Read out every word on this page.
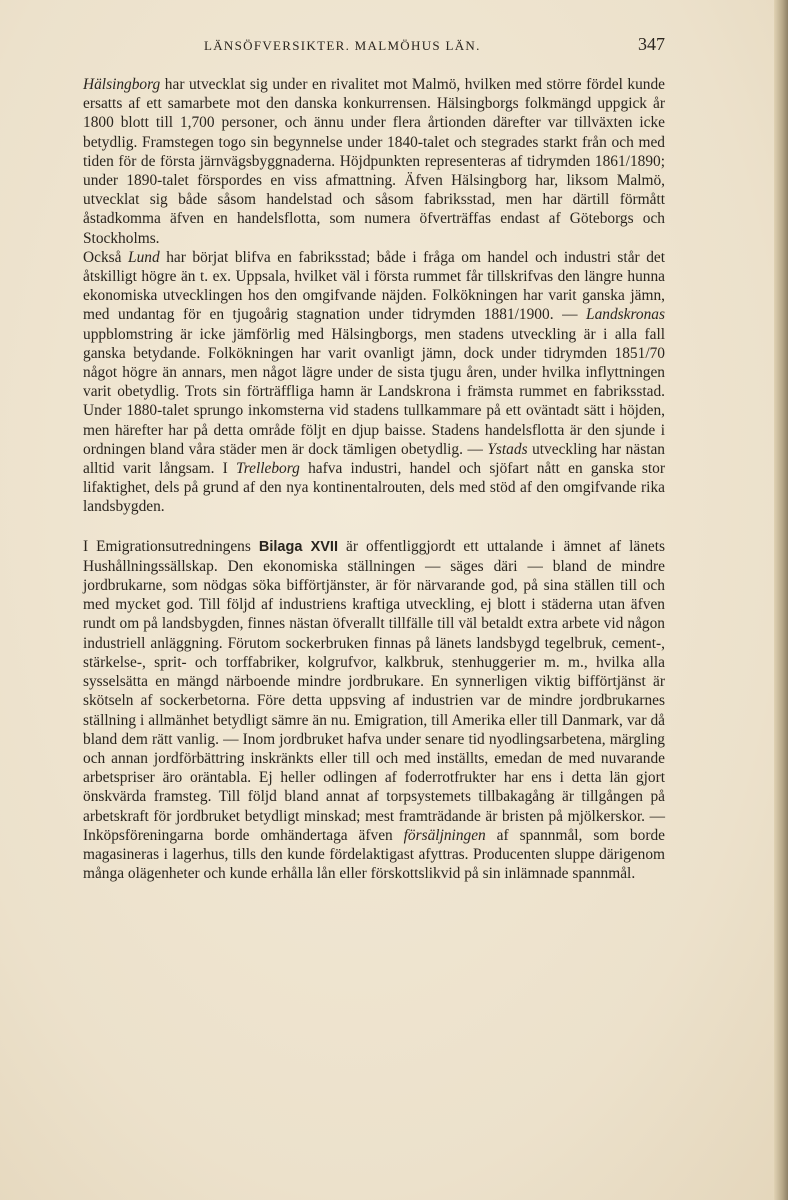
LÄNSÖFVERSIKTER. MALMÖHUS LÄN.	347

Hälsingborg har utvecklat sig under en rivalitet mot Malmö, hvilken med större fördel kunde ersatts af ett samarbete mot den danska konkurrensen. Hälsingborgs folkmängd uppgick år 1800 blott till 1,700 personer, och ännu under flera årtionden därefter var tillväxten icke betydlig. Framstegen togo sin begynnelse under 1840-talet och stegrades starkt från och med tiden för de första järnvägsbyggnaderna. Höjdpunkten representeras af tidrymden 1861/1890; under 1890-talet förspordes en viss afmattning. Äfven Hälsingborg har, liksom Malmö, utvecklat sig både såsom handelstad och såsom fabriksstad, men har därtill förmått åstadkomma äfven en handelsflotta, som numera öfverträffas endast af Göteborgs och Stockholms.

Också Lund har börjat blifva en fabriksstad; både i fråga om handel och industri står det åtskilligt högre än t. ex. Uppsala, hvilket väl i första rummet får tillskrifvas den längre hunna ekonomiska utvecklingen hos den omgifvande näjden. Folkökningen har varit ganska jämn, med undantag för en tjugoårig stagnation under tidrymden 1881/1900. — Landskronas uppblomstring är icke jämförlig med Hälsingborgs, men stadens utveckling är i alla fall ganska betydande. Folkökningen har varit ovanligt jämn, dock under tidrymden 1851/70 något högre än annars, men något lägre under de sista tjugu åren, under hvilka inflyttningen varit obetydlig. Trots sin förträffliga hamn är Landskrona i främsta rummet en fabriksstad. Under 1880-talet sprungo inkomsterna vid stadens tullkammare på ett oväntadt sätt i höjden, men härefter har på detta område följt en djup baisse. Stadens handelsflotta är den sjunde i ordningen bland våra städer men är dock tämligen obetydlig. — Ystads utveckling har nästan alltid varit långsam. I Trelleborg hafva industri, handel och sjöfart nått en ganska stor lifaktighet, dels på grund af den nya kontinentalrouten, dels med stöd af den omgifvande rika landsbygden.

I Emigrationsutredningens Bilaga XVII är offentliggjordt ett uttalande i ämnet af länets Hushållningssällskap. Den ekonomiska ställningen — säges däri — bland de mindre jordbrukarne, som nödgas söka bifförtjänster, är för närvarande god, på sina ställen till och med mycket god. Till följd af industriens kraftiga utveckling, ej blott i städerna utan äfven rundt om på landsbygden, finnes nästan öfverallt tillfälle till väl betaldt extra arbete vid någon industriell anläggning. Förutom sockerbruken finnas på länets landsbygd tegelbruk, cement-, stärkelse-, sprit- och torffabriker, kolgrufvor, kalkbruk, stenhuggerier m. m., hvilka alla sysselsätta en mängd närboende mindre jordbrukare. En synnerligen viktig bifförtjänst är skötseln af sockerbetorna. Före detta uppsving af industrien var de mindre jordbrukarnes ställning i allmänhet betydligt sämre än nu. Emigration, till Amerika eller till Danmark, var då bland dem rätt vanlig. — Inom jordbruket hafva under senare tid nyodlingsarbetena, märgling och annan jordförbättring inskränkts eller till och med inställts, emedan de med nuvarande arbetspriser äro oräntabla. Ej heller odlingen af foderrotfrukter har ens i detta län gjort önskvärda framsteg. Till följd bland annat af torpsystemets tillbakagång är tillgången på arbetskraft för jordbruket betydligt minskad; mest framträdande är bristen på mjölkerskor. — Inköpsföreningarna borde omhändertaga äfven försäljningen af spannmål, som borde magasineras i lagerhus, tills den kunde fördelaktigast afyttras. Producenten sluppe därigenom många olägenheter och kunde erhålla lån eller förskottslikvid på sin inlämnade spannmål.
